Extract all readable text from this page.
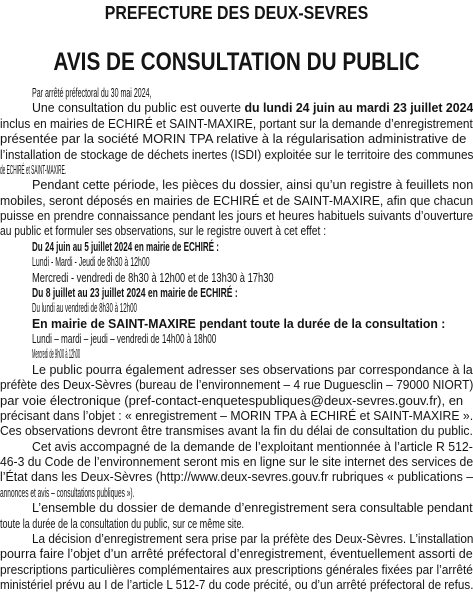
PREFECTURE DES DEUX-SEVRES
AVIS DE CONSULTATION DU PUBLIC
Par arrêté préfectoral du 30 mai 2024,
Une consultation du public est ouverte du lundi 24 juin au mardi 23 juillet 2024
inclus en mairies de ECHIRÉ et SAINT-MAXIRE, portant sur la demande d’enregistrement
présentée par la société MORIN TPA relative à la régularisation administrative de
l’installation de stockage de déchets inertes (ISDI) exploitée sur le territoire des communes
de ECHIRÉ et SAINT-MAXIRE.
Pendant cette période, les pièces du dossier, ainsi qu’un registre à feuillets non
mobiles, seront déposés en mairies de ECHIRÉ et de SAINT-MAXIRE, afin que chacun
puisse en prendre connaissance pendant les jours et heures habituels suivants d’ouverture
au public et formuler ses observations, sur le registre ouvert à cet effet :
Du 24 juin au 5 juillet 2024 en mairie de ECHIRÉ :
Lundi - Mardi - Jeudi de 8h30 à 12h00
Mercredi - vendredi de 8h30 à 12h00 et de 13h30 à 17h30
Du 8 juillet au 23 juillet 2024 en mairie de ECHIRÉ :
Du lundi au vendredi de 8h30 à 12h00
En mairie de SAINT-MAXIRE pendant toute la durée de la consultation :
Lundi – mardi – jeudi – vendredi de 14h00 à 18h00
Mercredi de 9h00 à 12h00
Le public pourra également adresser ses observations par correspondance à la
préfète des Deux-Sèvres (bureau de l’environnement – 4 rue Duguesclin – 79000 NIORT)
par voie électronique (pref-contact-enquetespubliques@deux-sevres.gouv.fr), en
précisant dans l’objet : « enregistrement – MORIN TPA à ECHIRÉ et SAINT-MAXIRE ».
Ces observations devront être transmises avant la fin du délai de consultation du public.
Cet avis accompagné de la demande de l’exploitant mentionnée à l’article R 512-
46-3 du Code de l’environnement seront mis en ligne sur le site internet des services de
l’État dans les Deux-Sèvres (http://www.deux-sevres.gouv.fr rubriques « publications –
annonces et avis – consultations publiques »).
L’ensemble du dossier de demande d’enregistrement sera consultable pendant
toute la durée de la consultation du public, sur ce même site.
La décision d’enregistrement sera prise par la préfète des Deux-Sèvres. L’installation
pourra faire l’objet d’un arrêté préfectoral d’enregistrement, éventuellement assorti de
prescriptions particulières complémentaires aux prescriptions générales fixées par l’arrêté
ministériel prévu au I de l’article L 512-7 du code précité, ou d’un arrêté préfectoral de refus.
